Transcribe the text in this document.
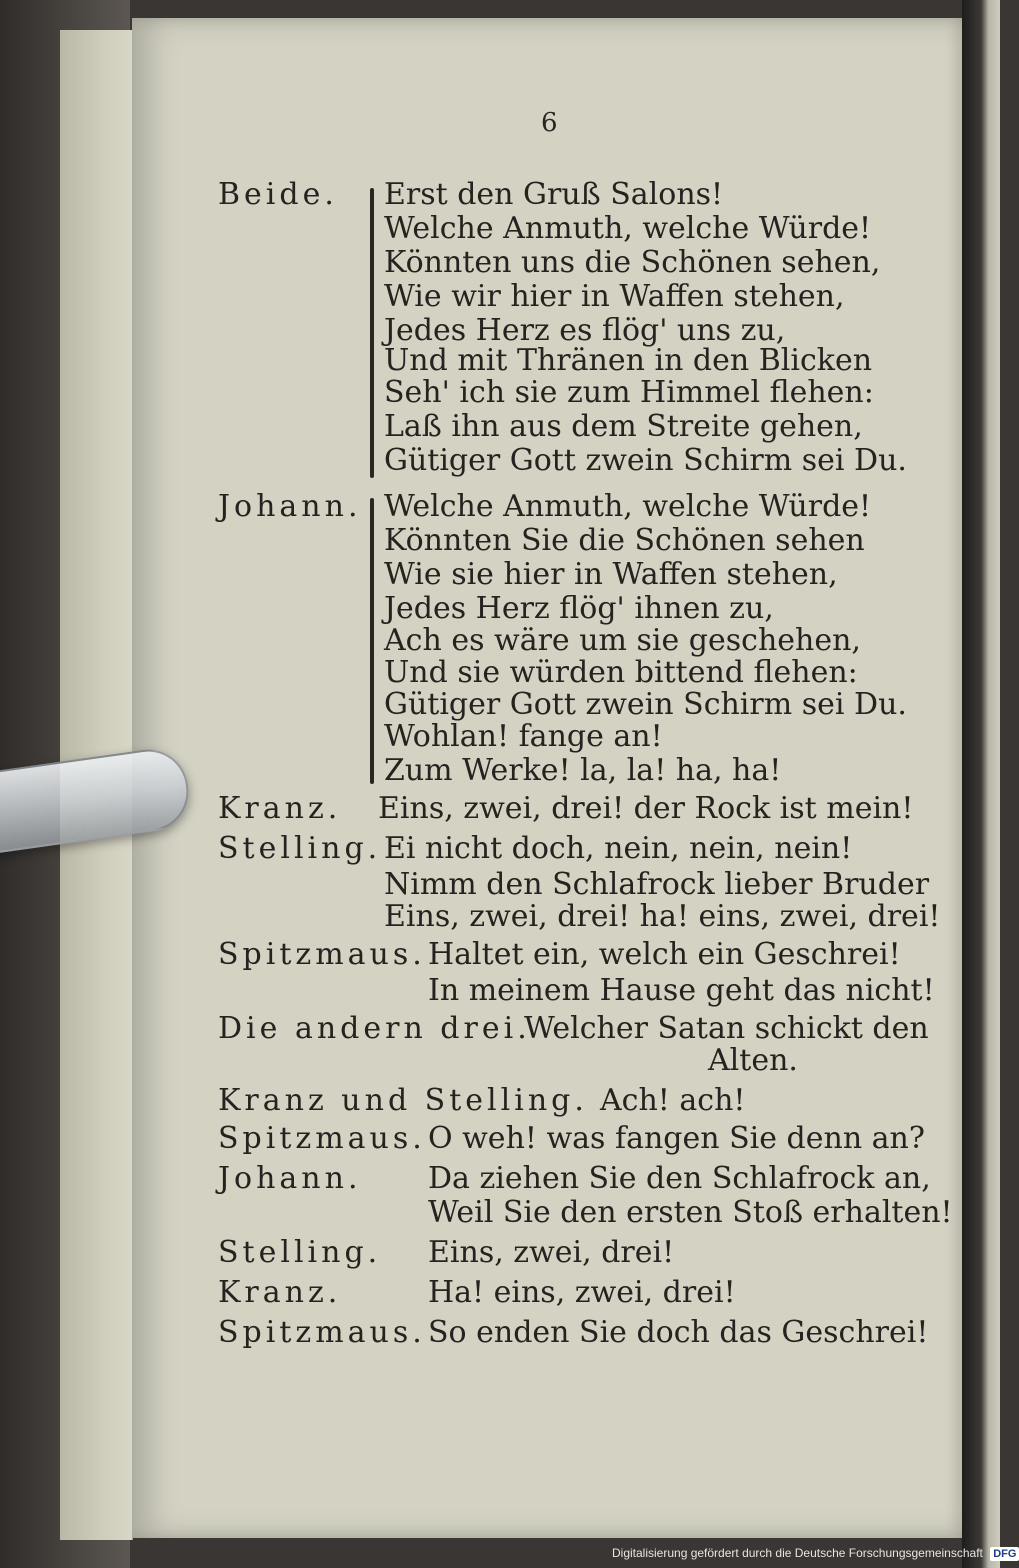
6
Beide. Erst den Gruß Salons!
Welche Anmuth, welche Würde!
Könnten uns die Schönen sehen,
Wie wir hier in Waffen stehen,
Jedes Herz es flög' uns zu,
Und mit Thränen in den Blicken
Seh' ich sie zum Himmel flehen:
Laß ihn aus dem Streite gehen,
Gütiger Gott zwein Schirm sei Du.
Johann. Welche Anmuth, welche Würde!
Könnten Sie die Schönen sehen
Wie sie hier in Waffen stehen,
Jedes Herz flög' ihnen zu,
Ach es wäre um sie geschehen,
Und sie würden bittend flehen:
Gütiger Gott zwein Schirm sei Du.
Wohlan! fange an!
Zum Werke! la, la! ha, ha!
Kranz. Eins, zwei, drei! der Rock ist mein!
Stelling. Ei nicht doch, nein, nein, nein!
Nimm den Schlafrock lieber Bruder
Eins, zwei, drei! ha! eins, zwei, drei!
Spitzmaus. Haltet ein, welch ein Geschrei!
In meinem Hause geht das nicht!
Die andern drei.
Welcher Satan schickt den
Alten.
Kranz und Stelling. Ach! ach!
Spitzmaus. O weh! was fangen Sie denn an?
Johann. Da ziehen Sie den Schlafrock an,
Weil Sie den ersten Stoß erhalten!
Stelling. Eins, zwei, drei!
Kranz.	Ha! eins, zwei, drei!
Spitzmaus. So enden Sie doch das Geschrei!
Digitalisierung gefördert durch die Deutsche Forschungsgemeinschaft DFG
